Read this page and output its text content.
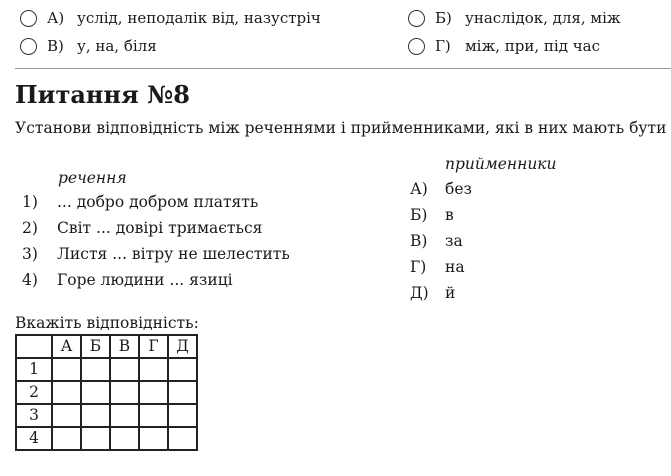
А) услід, неподалік від, назустріч	Б) унаслідок, для, між
В) у, на, біля	Г) між, при, під час
Питання №8
Установи відповідність між реченнями і прийменниками, які в них мають бути
речення
прийменники
1)	... добро добром платять
2)	Світ ... довірі тримається
3)	Листя ... вітру не шелестить
4)	Горе людини ... язиці
А)	без
Б)	в
В)	за
Г)	на
Д)	й
Вкажіть відповідність:
	А	Б	В	Г	Д
1					
2					
3					
4					
